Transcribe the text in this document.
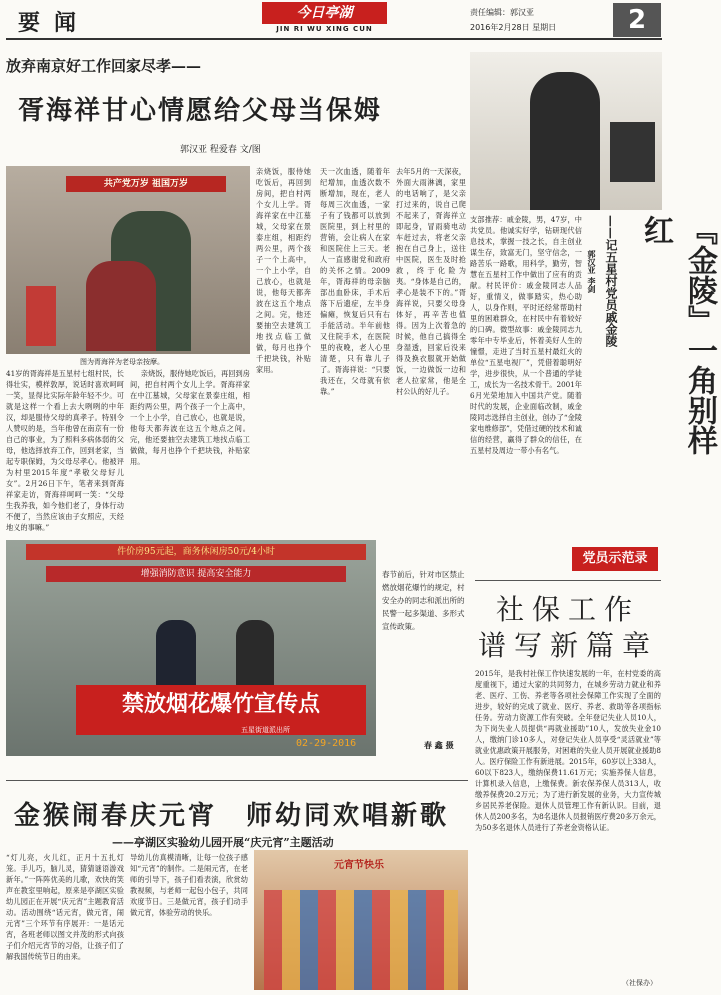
要闻	今日亭湖
JIN RI WU XING CUN
责任编辑：郭汉亚
2016年2月28日 星期日	2
放弃南京好工作回家尽孝——
胥海祥甘心情愿给父母当保姆
郭汉亚 程爱春 文/图
共产党万岁 祖国万岁
图为胥海祥为老母亲按摩。
41岁的胥海祥是五星村七组村民，长得壮实，模样敦厚，说话时喜欢呵呵一笑，显得比实际年龄年轻不少。可就是这样一个看上去大咧咧的中年汉，却是服侍父母的真孝子。特别令人赞叹的是，当年他曾在南京有一份自己的事业，为了照料多病体弱的父母，他选择放弃工作，回到老家，当起专职保姆，为父母尽孝心。他被评为村里2015年度“孝敬父母好儿女”。2月26日下午，笔者来到胥海祥家走访，胥海祥呵呵一笑：“父母生我养我，如今他们老了，身体行动不便了，当然应该由子女照应，天经地义的事嘛。”
亲烧饭，服侍她吃饭后，再回到房间，把自村两个女儿上学。胥海祥家在中江墓城，父母家在景泰庄组，相距约两公里，两个孩子一个上高中，一个上小学，自己放心，也就是说，他每天都奔波在这五个地点之间。完，他还要抽空去建筑工地找点临工做做，每月也挣个千把块钱，补贴家用。

亲烧饭，服侍她吃饭后，再回到房间，把自村两个女儿上学。胥海祥家在中江墓城，父母家在景泰庄组，相距约两公里，两个孩子一个上高中，一个上小学，自己放心，也就是说，他每天都奔波在这五个地点之间。完，他还要抽空去建筑工地找点临工做做，每月也挣个千把块钱，补贴家用。

天一次血透，随着年纪增加，血透次数不断增加，现在，老人每周三次血透，一家子有了钱都可以放到医院里，到上村里的营销，会让病人在家和医院住上三天。老人一直感谢党和政府的关怀之情。2009年，胥海祥的母亲脑部出血卧床，手术后落下后遗症，左半身偏瘫，恢复后只有右手能活动。半年前他又住院手术，在医院里的夜晚，老人心里清楚，只有靠儿子了。胥海祥说：“只要我还在，父母就有依靠。”
去年5月的一天深夜，外面大雨淋漓，家里的电话响了，是父亲打过来的，说自己爬不起来了，胥海祥立即起身，冒雨骑电动车赶过去，将老父亲抱在自己身上，送往中医院，医生及时抢救，终于化险为夷。“身体是自己的，孝心是装不下的。”胥海祥说，只要父母身体好，再辛苦也值得。因为上次着急的时候，他自己搞得全身湿透，回家后没来得及换衣服就开始做饭，一边做饭一边和老人拉家常，他是全村公认的好儿子。	『金陵』一角别样红
——记五星村党员戚金陵
郭汉亚 李剑
支部推荐：戚金陵，男，47岁，中共党员。他诚实好学，钻研现代信息技术，掌握一技之长，自主创业谋生存，致富无门，坚守信念，一路苦乐一路歌，用科学，勤劳，智慧在五星村工作中做出了应有的贡献。村民评价：戚金陵同志人品好，重情义，做事踏实，热心助人，以身作则，平时还经常帮助村里的困难群众，在村民中有着较好的口碑。微型故事：戚金陵同志九零年中专毕业后，怀着美好人生的憧憬，走进了当时五星村最红火的单位“五星电视厂”，凭借着聪明好学，进步很快，从一个普通的学徒工，成长为一名技术骨干。2001年6月光荣地加入中国共产党。随着时代的发展，企业面临改制，戚金陵同志选择自主创业，创办了“金陵家电维修部”，凭借过硬的技术和诚信的经营，赢得了群众的信任，在五星村及周边一带小有名气。
党员示范录
件价房95元起，商务休闲房50元/4小时
增强消防意识 提高安全能力
禁放烟花爆竹宣传点
五星街道派出所
02-29-2016
春节前后，针对市区禁止燃放烟花爆竹的规定，村安全办的同志和派出所的民警一起多渠道、多形式宣传政策。
春 鑫 摄
社保工作
谱写新篇章
2015年，是我村社保工作快速发展的一年，在村党委的高度重视下，通过大家的共同努力，在城乡劳动力就业和养老、医疗、工伤、养老等各项社会保障工作实现了全面的进步，较好的完成了就业、医疗、养老、救助等各项指标任务。劳动力资源工作有突破。全年登记失业人员10人，为下岗失业人员提供“再就业援助”10人，发放失业金10人，缴纳门诊10多人，对登记失业人员享受“灵活就业”等就业优惠政策开展服务，对困难的失业人员开展就业援助8人。医疗保险工作有新进展。2015年，60岁以上338人，60以下823人，缴纳保费11.61万元；实施养保人信息，计算机录入信息，上缴保费。新农保养保人员313人，收缴养保费20.2万元；为了进行新发展的业务，大力宣传城乡居民养老保险。退休人员管理工作有新认识。目前，退休人员200多名，为8名退休人员报销医疗费20多万余元，为50多名退休人员进行了养老金资格认证。
（社保办）
金猴闹春庆元宵　师幼同欢唱新歌
——亭湖区实验幼儿园开展“庆元宵”主题活动
“灯儿亮，火儿红，正月十五扎灯笼。手儿巧，脑儿灵，猜猜谜语游戏新年。”一阵阵优美的儿歌，欢快的笑声在教室里响起，原来是亭湖区实验幼儿园正在开展“庆元宵”主题教育活动。活动围绕“话元宵，做元宵，闹元宵”三个环节有序展开：一是话元宵，各班老师以图文并茂的形式向孩子们介绍元宵节的习俗，让孩子们了解我国传统节日的由来。
导幼儿仿真模清晰，让每一位孩子感知“元宵”的制作。二是闹元宵，在老师的引导下，孩子们看表演，欣赏幼教视频，与老师一起包小包子，共同欢度节日。三是做元宵，孩子们动手做元宵，体验劳动的快乐。
元宵节快乐
